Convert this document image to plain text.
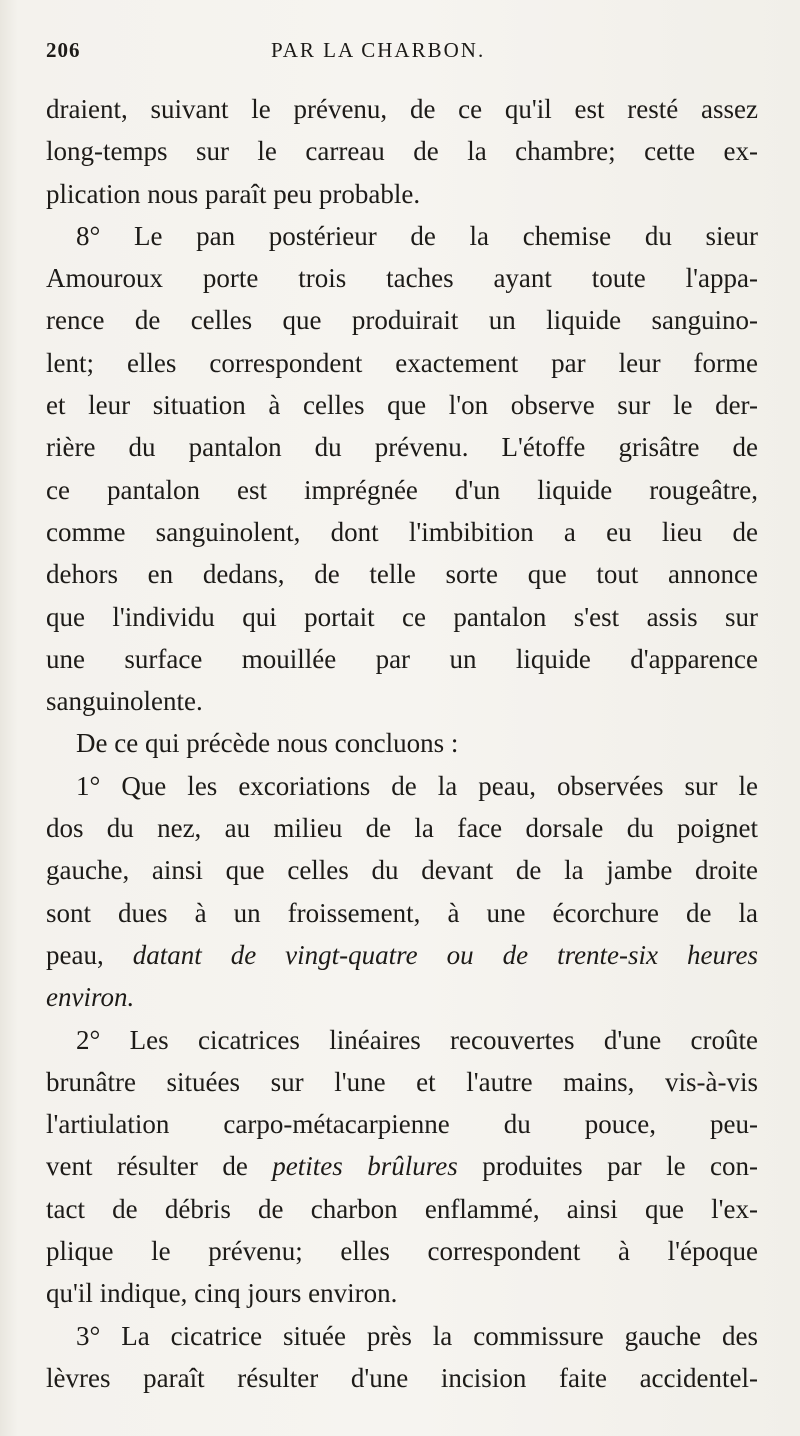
206	PAR LA CHARBON.
draient, suivant le prévenu, de ce qu'il est resté assez
long-temps sur le carreau de la chambre; cette ex-
plication nous paraît peu probable.
8° Le pan postérieur de la chemise du sieur
Amouroux porte trois taches ayant toute l'appa-
rence de celles que produirait un liquide sanguino-
lent; elles correspondent exactement par leur forme
et leur situation à celles que l'on observe sur le der-
rière du pantalon du prévenu. L'étoffe grisâtre de
ce pantalon est imprégnée d'un liquide rougeâtre,
comme sanguinolent, dont l'imbibition a eu lieu de
dehors en dedans, de telle sorte que tout annonce
que l'individu qui portait ce pantalon s'est assis sur
une surface mouillée par un liquide d'apparence
sanguinolente.
De ce qui précède nous concluons :
1° Que les excoriations de la peau, observées sur le
dos du nez, au milieu de la face dorsale du poignet
gauche, ainsi que celles du devant de la jambe droite
sont dues à un froissement, à une écorchure de la
peau, datant de vingt-quatre ou de trente-six heures
environ.
2° Les cicatrices linéaires recouvertes d'une croûte
brunâtre situées sur l'une et l'autre mains, vis-à-vis
l'artiulation carpo-métacarpienne du pouce, peu-
vent résulter de petites brûlures produites par le con-
tact de débris de charbon enflammé, ainsi que l'ex-
plique le prévenu; elles correspondent à l'époque
qu'il indique, cinq jours environ.
3° La cicatrice située près la commissure gauche des
lèvres paraît résulter d'une incision faite accidentel-
